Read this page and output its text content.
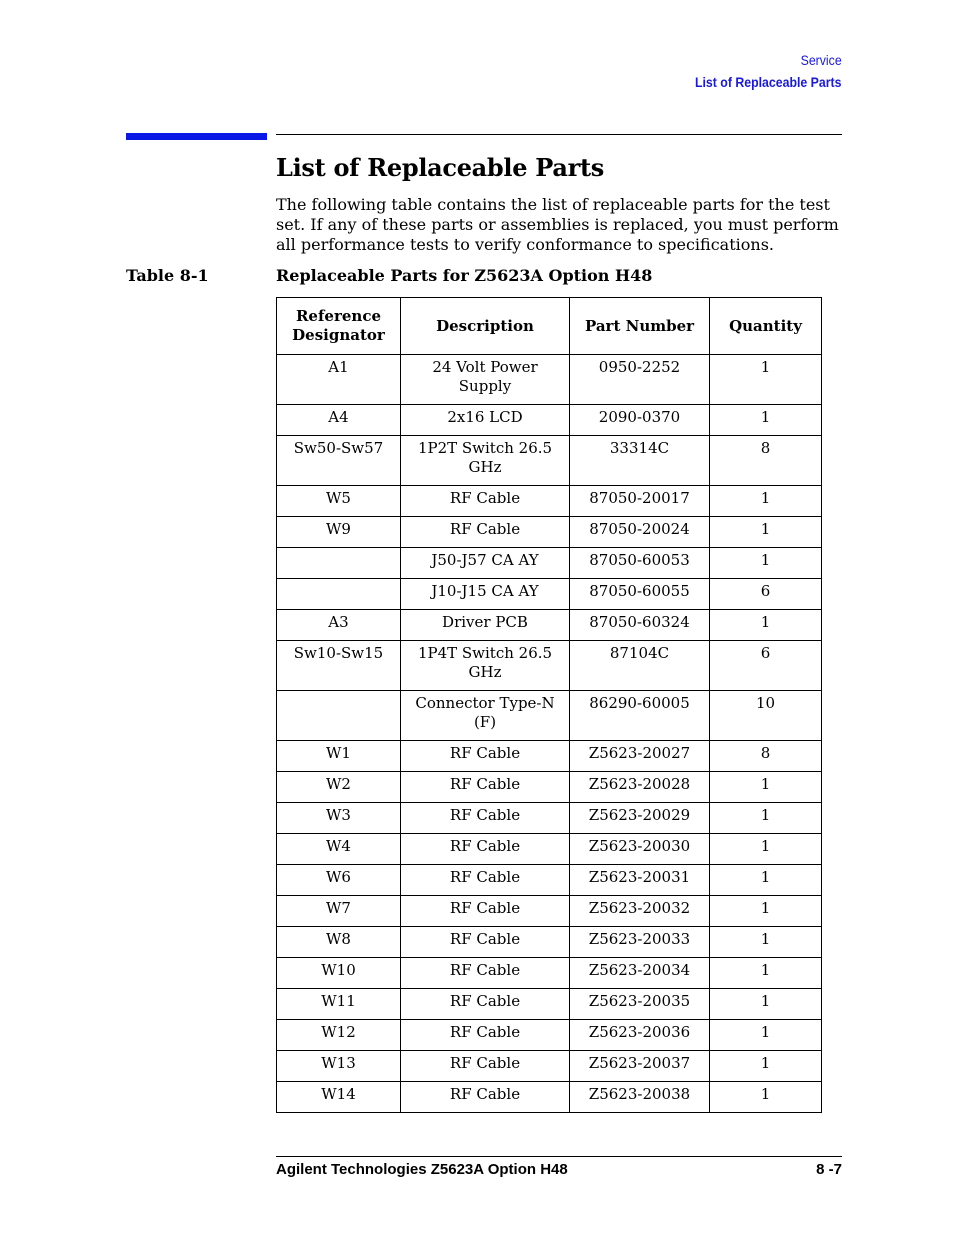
Service
List of Replaceable Parts
List of Replaceable Parts

The following table contains the list of replaceable parts for the test set. If any of these parts or assemblies is replaced, you must perform all performance tests to verify conformance to specifications.

Table 8-1	Replaceable Parts for Z5623A Option H48
Reference Designator	Description	Part Number	Quantity
A1	24 Volt Power Supply	0950-2252	1
A4	2x16 LCD	2090-0370	1
Sw50-Sw57	1P2T Switch 26.5 GHz	33314C	8
W5	RF Cable	87050-20017	1
W9	RF Cable	87050-20024	1
	J50-J57 CA AY	87050-60053	1
	J10-J15 CA AY	87050-60055	6
A3	Driver PCB	87050-60324	1
Sw10-Sw15	1P4T Switch 26.5 GHz	87104C	6
	Connector Type-N (F)	86290-60005	10
W1	RF Cable	Z5623-20027	8
W2	RF Cable	Z5623-20028	1
W3	RF Cable	Z5623-20029	1
W4	RF Cable	Z5623-20030	1
W6	RF Cable	Z5623-20031	1
W7	RF Cable	Z5623-20032	1
W8	RF Cable	Z5623-20033	1
W10	RF Cable	Z5623-20034	1
W11	RF Cable	Z5623-20035	1
W12	RF Cable	Z5623-20036	1
W13	RF Cable	Z5623-20037	1
W14	RF Cable	Z5623-20038	1
Agilent Technologies Z5623A Option H48	8 -7
